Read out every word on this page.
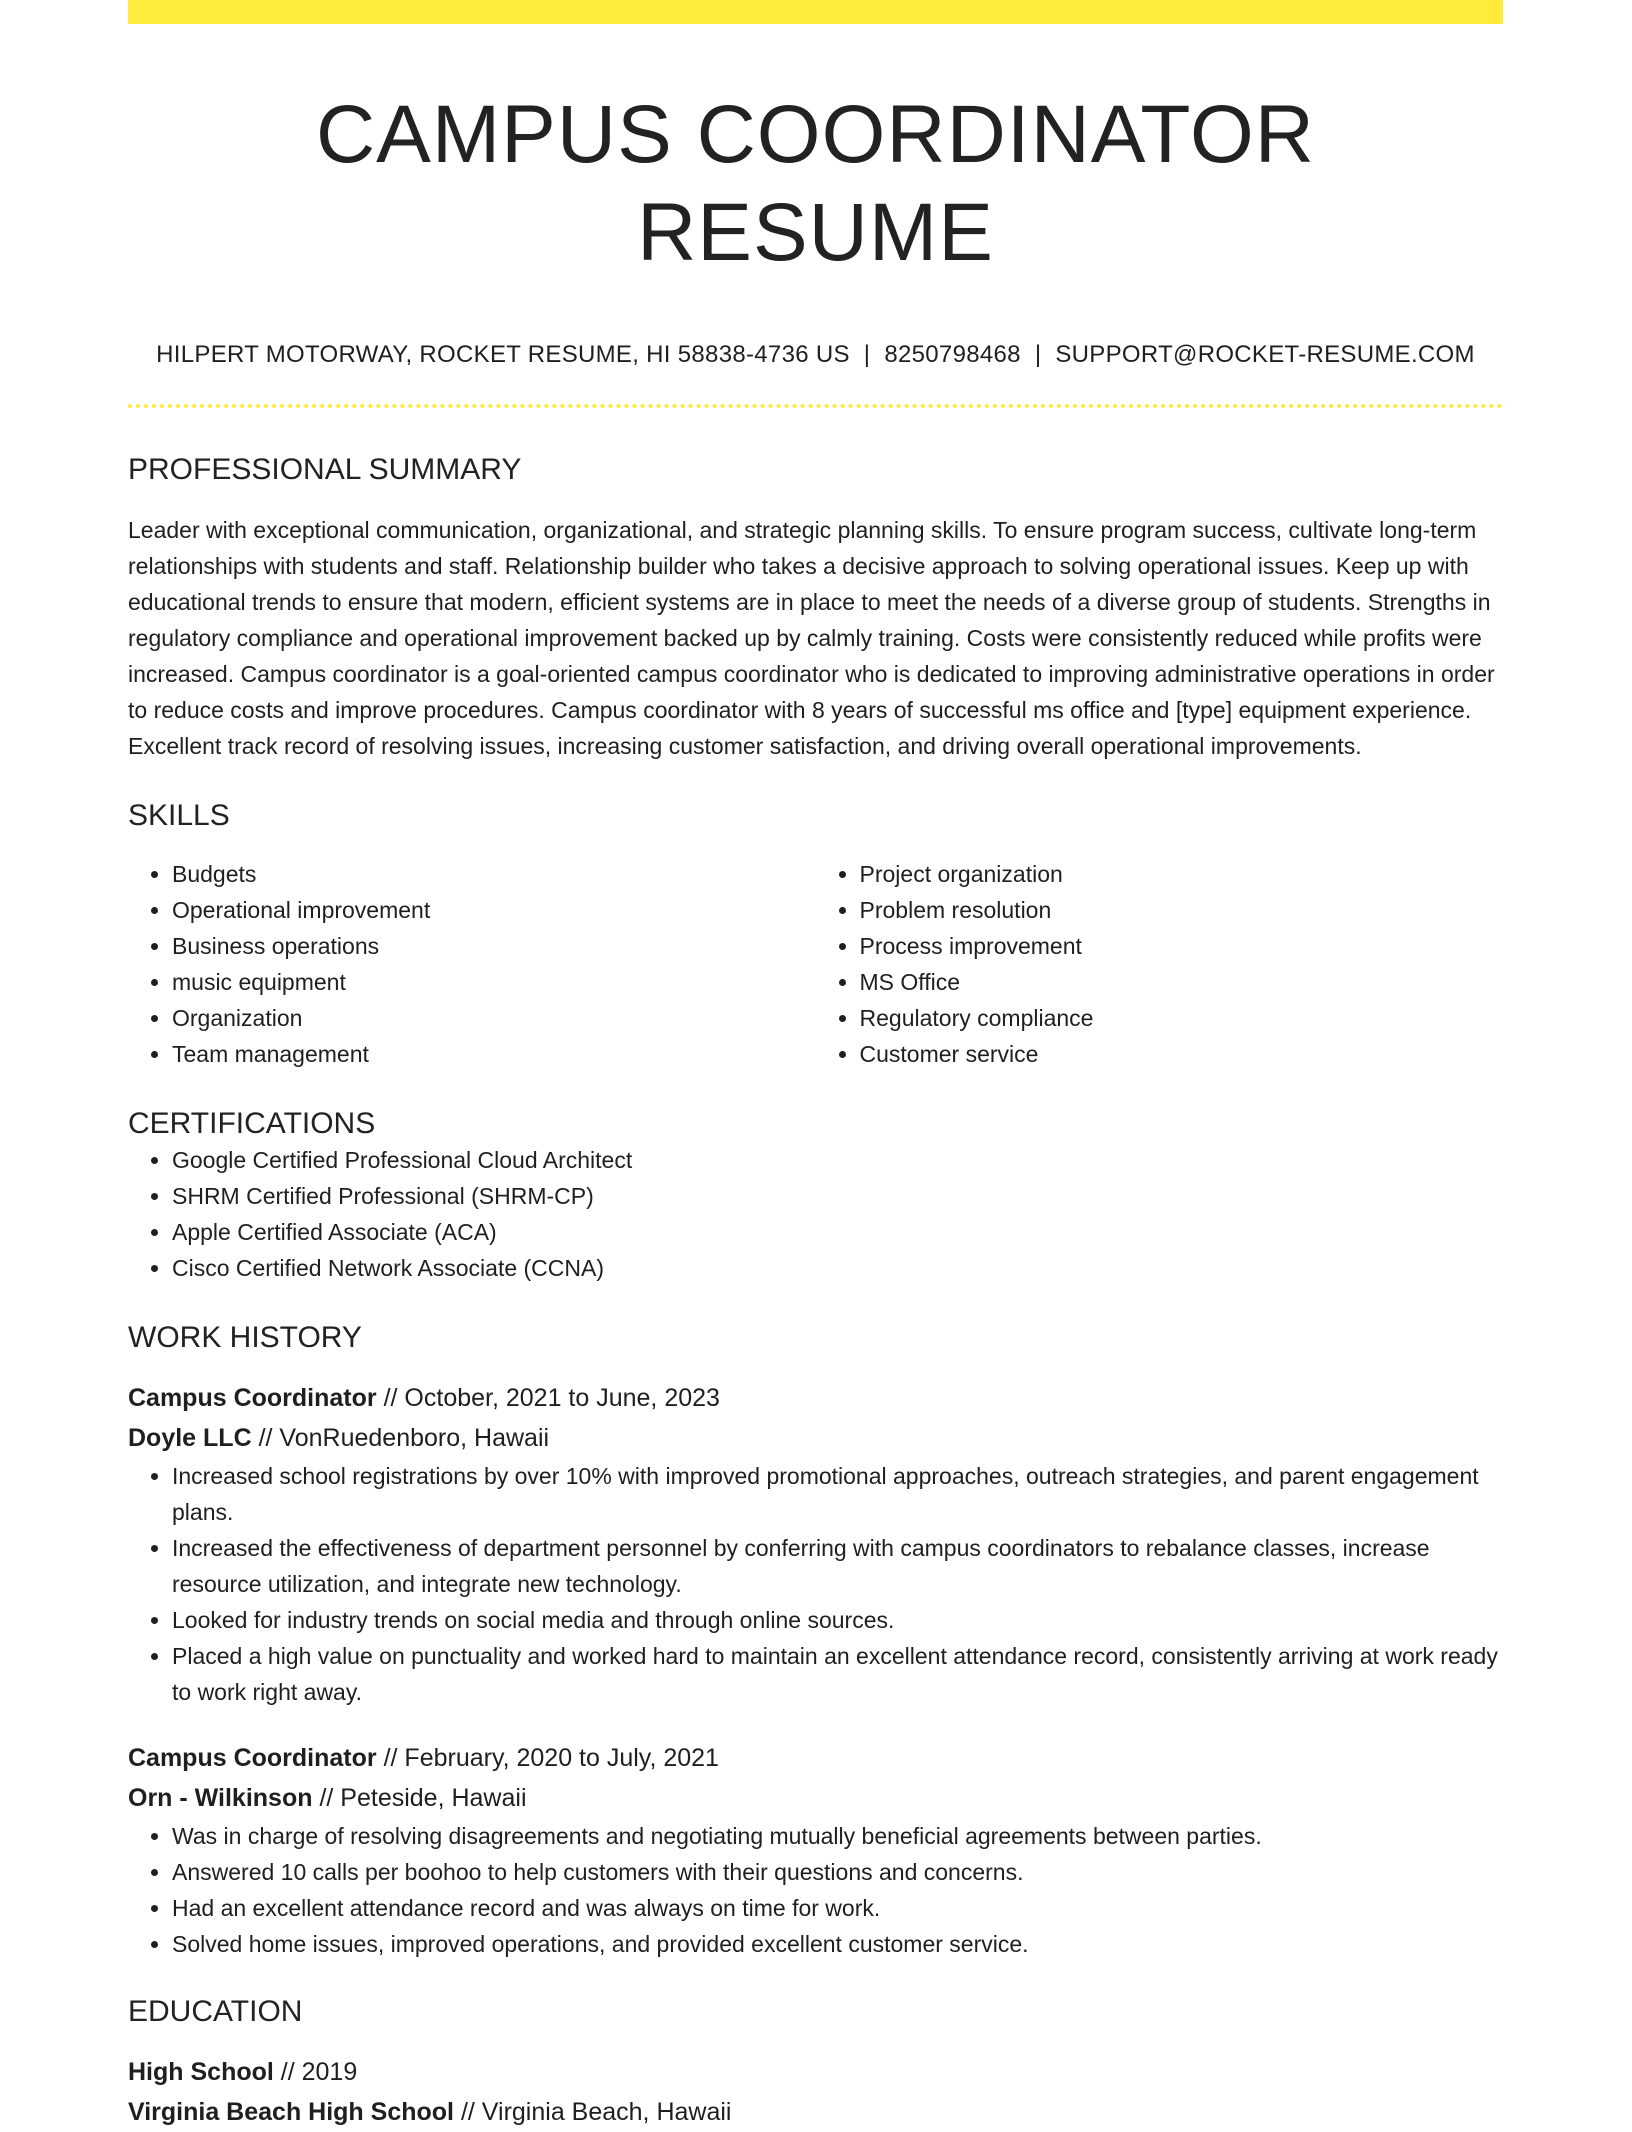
CAMPUS COORDINATOR RESUME
HILPERT MOTORWAY, ROCKET RESUME, HI 58838-4736 US | 8250798468 | SUPPORT@ROCKET-RESUME.COM
PROFESSIONAL SUMMARY

Leader with exceptional communication, organizational, and strategic planning skills. To ensure program success, cultivate long-term relationships with students and staff. Relationship builder who takes a decisive approach to solving operational issues. Keep up with educational trends to ensure that modern, efficient systems are in place to meet the needs of a diverse group of students. Strengths in regulatory compliance and operational improvement backed up by calmly training. Costs were consistently reduced while profits were increased. Campus coordinator is a goal-oriented campus coordinator who is dedicated to improving administrative operations in order to reduce costs and improve procedures. Campus coordinator with 8 years of successful ms office and [type] equipment experience. Excellent track record of resolving issues, increasing customer satisfaction, and driving overall operational improvements.

SKILLS
• Budgets
• Operational improvement
• Business operations
• music equipment
• Organization
• Team management
• Project organization
• Problem resolution
• Process improvement
• MS Office
• Regulatory compliance
• Customer service
CERTIFICATIONS
• Google Certified Professional Cloud Architect
• SHRM Certified Professional (SHRM-CP)
• Apple Certified Associate (ACA)
• Cisco Certified Network Associate (CCNA)
WORK HISTORY
Campus Coordinator // October, 2021 to June, 2023
Doyle LLC // VonRuedenboro, Hawaii
• Increased school registrations by over 10% with improved promotional approaches, outreach strategies, and parent engagement plans.
• Increased the effectiveness of department personnel by conferring with campus coordinators to rebalance classes, increase resource utilization, and integrate new technology.
• Looked for industry trends on social media and through online sources.
• Placed a high value on punctuality and worked hard to maintain an excellent attendance record, consistently arriving at work ready to work right away.
Campus Coordinator // February, 2020 to July, 2021
Orn - Wilkinson // Peteside, Hawaii
• Was in charge of resolving disagreements and negotiating mutually beneficial agreements between parties.
• Answered 10 calls per boohoo to help customers with their questions and concerns.
• Had an excellent attendance record and was always on time for work.
• Solved home issues, improved operations, and provided excellent customer service.
EDUCATION
High School // 2019
Virginia Beach High School // Virginia Beach, Hawaii
